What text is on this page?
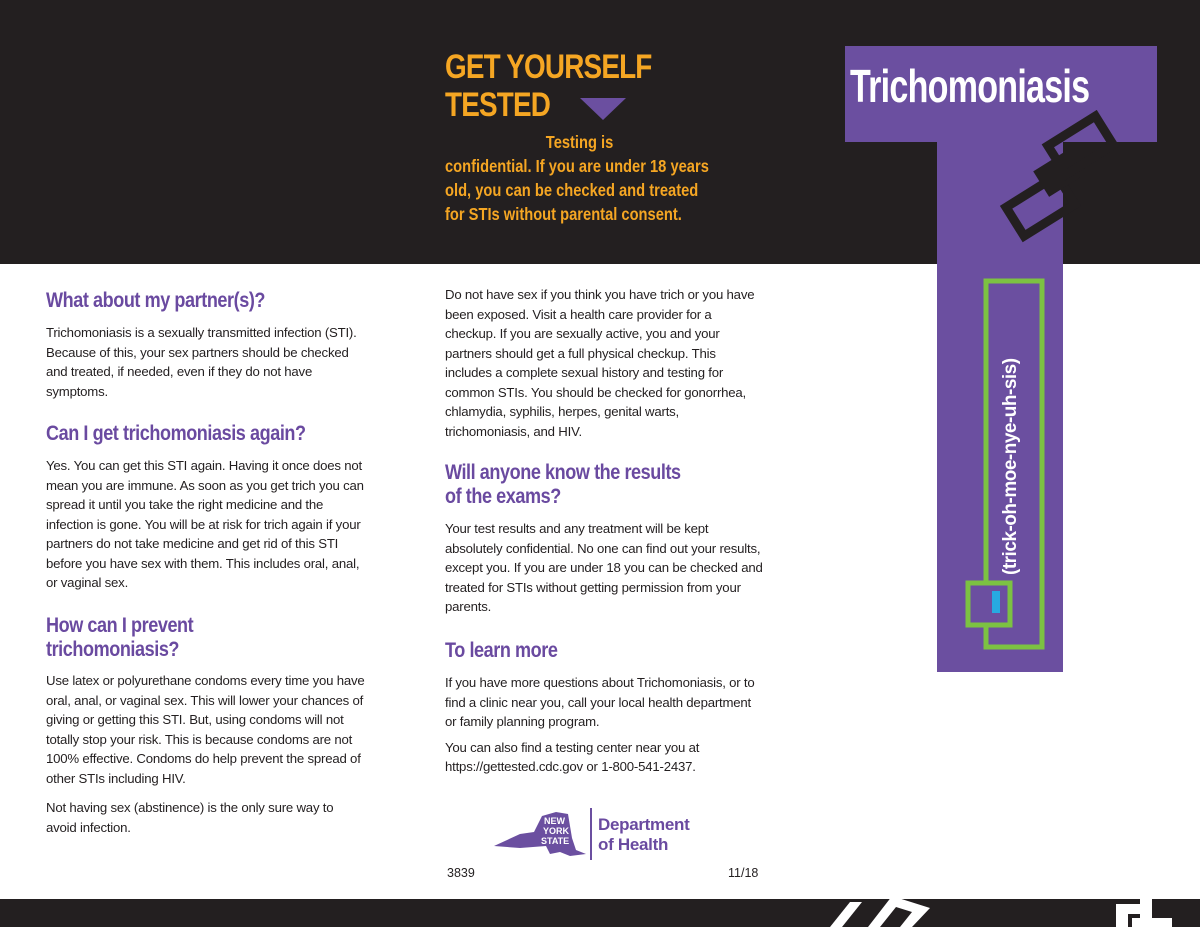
GET YOURSELF
TESTED
Testing is
confidential. If you are under 18 years
old, you can be checked and treated
for STIs without parental consent.
Trichomoniasis
(trick-oh-moe-nye-uh-sis)
What about my partner(s)?

Trichomoniasis is a sexually transmitted infection (STI). Because of this, your sex partners should be checked and treated, if needed, even if they do not have symptoms.

Can I get trichomoniasis again?

Yes. You can get this STI again. Having it once does not mean you are immune. As soon as you get trich you can spread it until you take the right medicine and the infection is gone. You will be at risk for trich again if your partners do not take medicine and get rid of this STI before you have sex with them. This includes oral, anal, or vaginal sex.

How can I prevent
trichomoniasis?

Use latex or polyurethane condoms every time you have oral, anal, or vaginal sex. This will lower your chances of giving or getting this STI. But, using condoms will not totally stop your risk. This is because condoms are not 100% effective. Condoms do help prevent the spread of other STIs including HIV.

Not having sex (abstinence) is the only sure way to avoid infection.

Do not have sex if you think you have trich or you have been exposed. Visit a health care provider for a checkup. If you are sexually active, you and your partners should get a full physical checkup. This includes a complete sexual history and testing for common STIs. You should be checked for gonorrhea, chlamydia, syphilis, herpes, genital warts, trichomoniasis, and HIV.

Will anyone know the results
of the exams?

Your test results and any treatment will be kept absolutely confidential. No one can find out your results, except you. If you are under 18 you can be checked and treated for STIs without getting permission from your parents.

To learn more

If you have more questions about Trichomoniasis, or to find a clinic near you, call your local health department or family planning program.

You can also find a testing center near you at https://gettested.cdc.gov or 1-800-541-2437.

NEW
YORK
STATE
Department
of Health
3839	11/18
